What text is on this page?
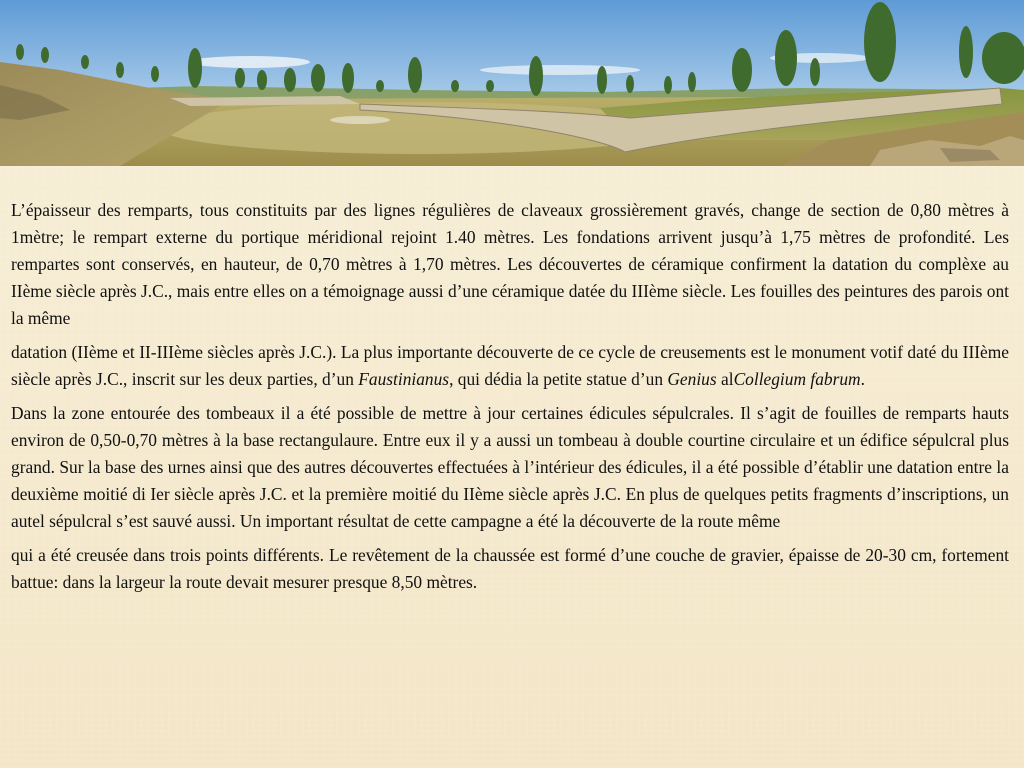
L’épaisseur des remparts, tous constituits par des lignes régulières de claveaux grossièrement gravés, change de section de 0,80 mètres à 1mètre; le rempart externe du portique méridional rejoint 1.40 mètres. Les fondations arrivent jusqu’à 1,75 mètres de profondité. Les rempartes sont conservés, en hauteur, de 0,70 mètres à 1,70 mètres. Les découvertes de céramique confirment la datation du complèxe au IIème siècle après J.C., mais entre elles on a témoignage aussi d’une céramique datée du IIIème siècle. Les fouilles des peintures des parois ont la même

datation (IIème et II-IIIème siècles après J.C.). La plus importante découverte de ce cycle de creusements est le monument votif daté du IIIème siècle après J.C., inscrit sur les deux parties, d’un Faustinianus, qui dédia la petite statue d’un Genius alCollegium fabrum.

Dans la zone entourée des tombeaux il a été possible de mettre à jour certaines édicules sépulcrales. Il s’agit de fouilles de remparts hauts environ de 0,50-0,70 mètres à la base rectangulaure. Entre eux il y a aussi un tombeau à double courtine circulaire et un édifice sépulcral plus grand. Sur la base des urnes ainsi que des autres découvertes effectuées à l’intérieur des édicules, il a été possible d’établir une datation entre la deuxième moitié di Ier siècle après J.C. et la première moitié du IIème siècle après J.C. En plus de quelques petits fragments d’inscriptions, un autel sépulcral s’est sauvé aussi. Un important résultat de cette campagne a été la découverte de la route même

qui a été creusée dans trois points différents. Le revêtement de la chaussée est formé d’une couche de gravier, épaisse de 20-30 cm, fortement battue: dans la largeur la route devait mesurer presque 8,50 mètres.
